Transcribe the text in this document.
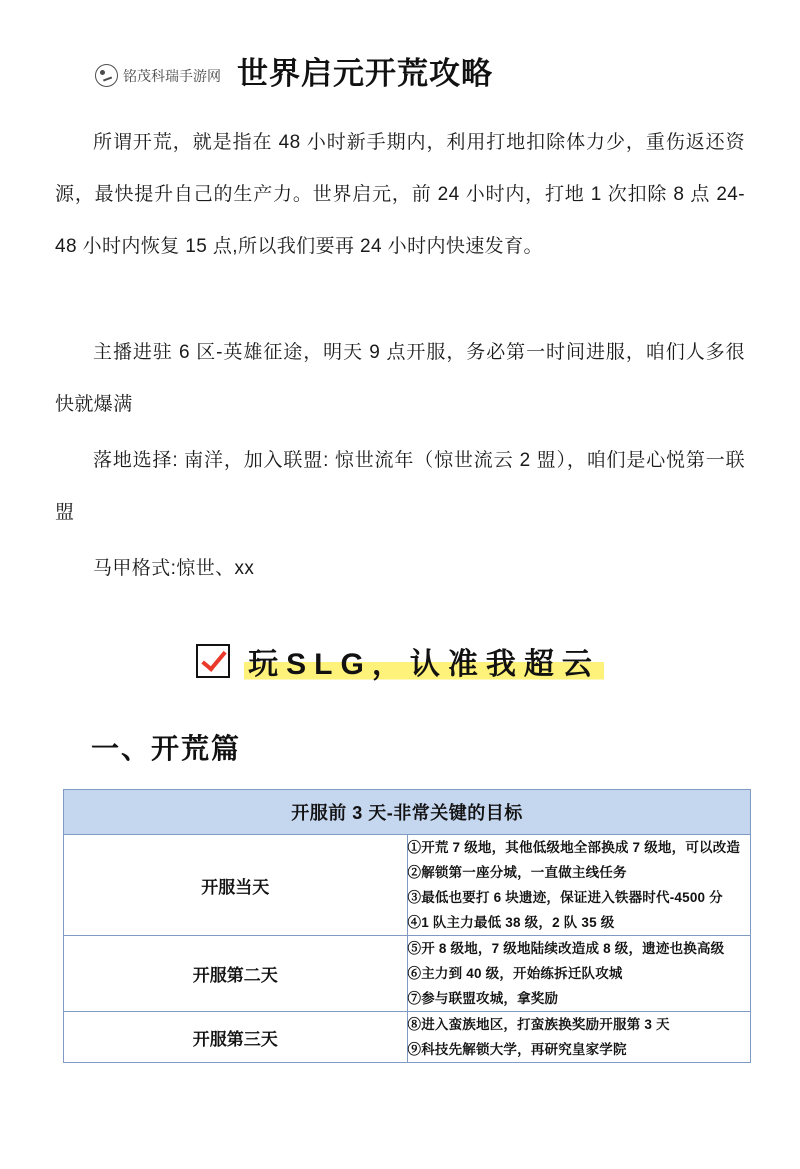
铭茂科瑞手游网 世界启元开荒攻略

所谓开荒，就是指在 48 小时新手期内，利用打地扣除体力少，重伤返还资源，最快提升自己的生产力。世界启元，前 24 小时内，打地 1 次扣除 8 点 24-48 小时内恢复 15 点,所以我们要再 24 小时内快速发育。

主播进驻 6 区-英雄征途，明天 9 点开服，务必第一时间进服，咱们人多很快就爆满

落地选择: 南洋，加入联盟: 惊世流年（惊世流云 2 盟），咱们是心悦第一联盟

马甲格式:惊世、xx

玩SLG，认准我超云
一、开荒篇
开服前 3 天-非常关键的目标	
开服当天	①开荒 7 级地，其他低级地全部换成 7 级地，可以改造
②解锁第一座分城，一直做主线任务
③最低也要打 6 块遗迹，保证进入铁器时代-4500 分
④1 队主力最低 38 级，2 队 35 级

开服第二天	⑤开 8 级地，7 级地陆续改造成 8 级，遗迹也换高级
⑥主力到 40 级，开始练拆迁队攻城
⑦参与联盟攻城，拿奖励

开服第三天	⑧进入蛮族地区，打蛮族换奖励开服第 3 天
⑨科技先解锁大学，再研究皇家学院
